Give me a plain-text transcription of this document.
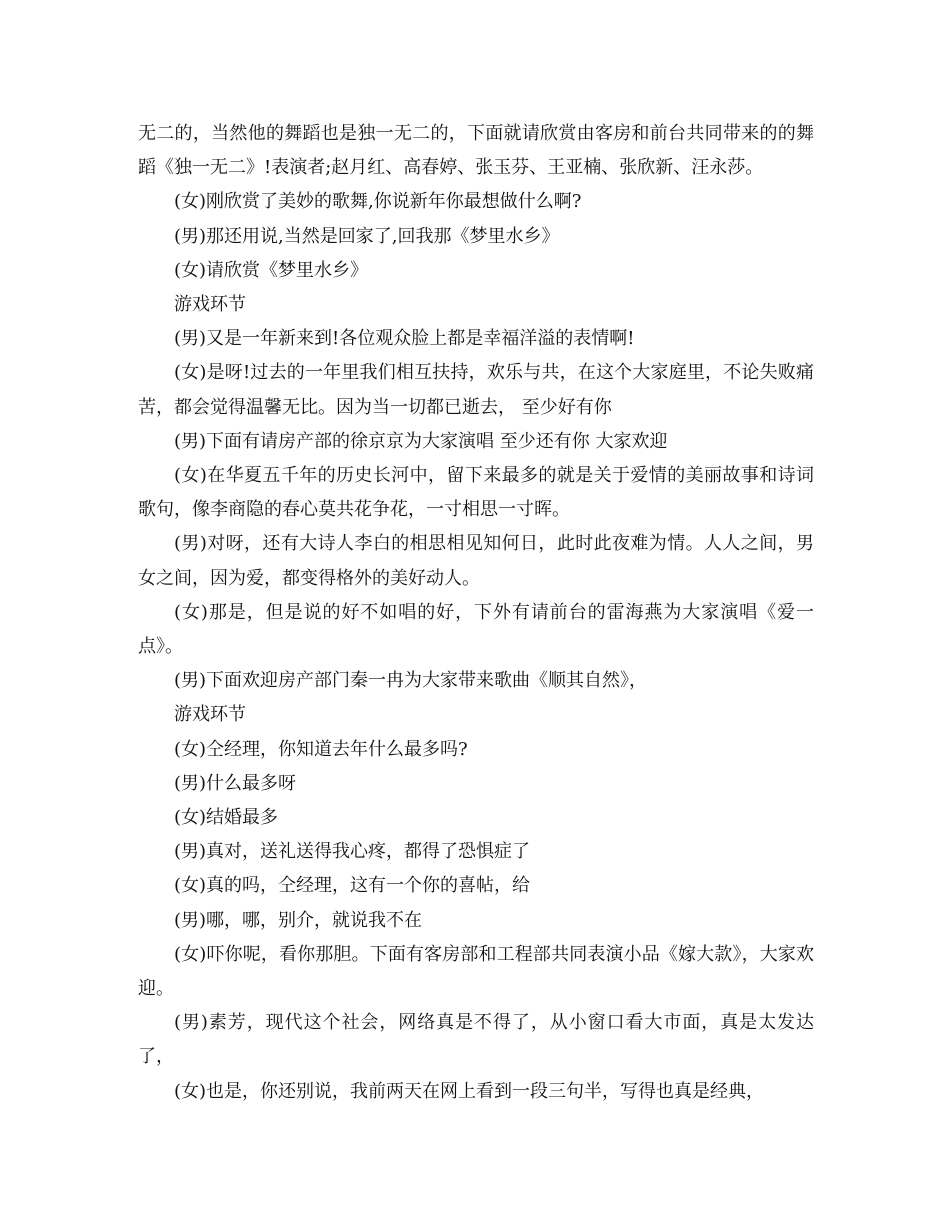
无二的，当然他的舞蹈也是独一无二的，下面就请欣赏由客房和前台共同带来的的舞蹈《独一无二》!表演者;赵月红、高春婷、张玉芬、王亚楠、张欣新、汪永莎。

(女)刚欣赏了美妙的歌舞,你说新年你最想做什么啊?

(男)那还用说,当然是回家了,回我那《梦里水乡》

(女)请欣赏《梦里水乡》

游戏环节

(男)又是一年新来到!各位观众脸上都是幸福洋溢的表情啊!

(女)是呀!过去的一年里我们相互扶持，欢乐与共，在这个大家庭里，不论失败痛苦，都会觉得温馨无比。因为当一切都已逝去， 至少好有你

(男)下面有请房产部的徐京京为大家演唱 至少还有你 大家欢迎

(女)在华夏五千年的历史长河中，留下来最多的就是关于爱情的美丽故事和诗词歌句，像李商隐的春心莫共花争花，一寸相思一寸晖。

(男)对呀，还有大诗人李白的相思相见知何日，此时此夜难为情。人人之间，男女之间，因为爱，都变得格外的美好动人。

(女)那是，但是说的好不如唱的好，下外有请前台的雷海燕为大家演唱《爱一点》。

(男)下面欢迎房产部门秦一冉为大家带来歌曲《顺其自然》，

游戏环节

(女)仝经理，你知道去年什么最多吗?

(男)什么最多呀

(女)结婚最多

(男)真对，送礼送得我心疼，都得了恐惧症了

(女)真的吗，仝经理，这有一个你的喜帖，给

(男)哪，哪，别介，就说我不在

(女)吓你呢，看你那胆。下面有客房部和工程部共同表演小品《嫁大款》，大家欢迎。

(男)素芳，现代这个社会，网络真是不得了，从小窗口看大市面，真是太发达了，

(女)也是，你还别说，我前两天在网上看到一段三句半，写得也真是经典，
